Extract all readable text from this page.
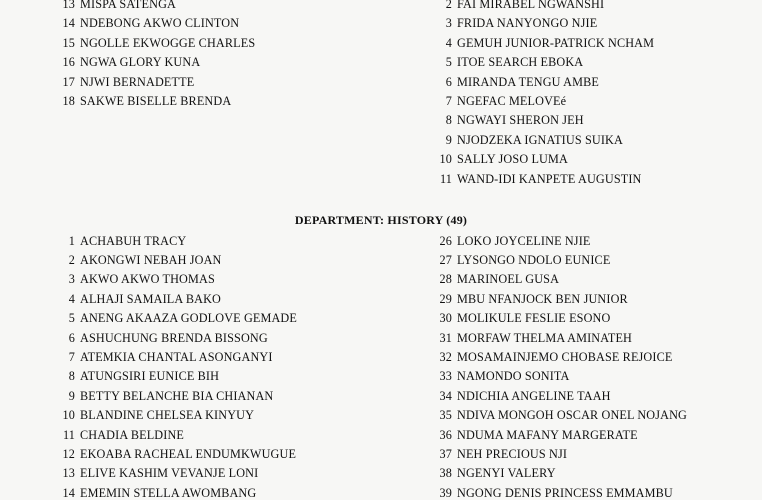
13 MISPA SATENGA
14 NDEBONG AKWO CLINTON
15 NGOLLE EKWOGGE CHARLES
16 NGWA GLORY KUNA
17 NJWI BERNADETTE
18 SAKWE BISELLE BRENDA
2 FAI MIRABEL NGWANSHI
3 FRIDA NANYONGO NJIE
4 GEMUH JUNIOR-PATRICK NCHAM
5 ITOE SEARCH EBOKA
6 MIRANDA TENGU AMBE
7 NGEFAC MELOVEé
8 NGWAYI SHERON JEH
9 NJODZEKA IGNATIUS SUIKA
10 SALLY JOSO LUMA
11 WAND-IDI KANPETE AUGUSTIN
DEPARTMENT: HISTORY (49)
1 ACHABUH TRACY
2 AKONGWI NEBAH JOAN
3 AKWO AKWO THOMAS
4 ALHAJI SAMAILA BAKO
5 ANENG AKAAZA GODLOVE GEMADE
6 ASHUCHUNG BRENDA BISSONG
7 ATEMKIA CHANTAL ASONGANYI
8 ATUNGSIRI EUNICE BIH
9 BETTY BELANCHE BIA CHIANAN
10 BLANDINE CHELSEA KINYUY
11 CHADIA BELDINE
12 EKOABA RACHEAL ENDUMKWUGUE
13 ELIVE KASHIM VEVANJE LONI
14 EMEMIN STELLA AWOMBANG
26 LOKO JOYCELINE NJIE
27 LYSONGO NDOLO EUNICE
28 MARINOEL GUSA
29 MBU NFANJOCK BEN JUNIOR
30 MOLIKULE FESLIE ESONO
31 MORFAW THELMA AMINATEH
32 MOSAMAINJEMO CHOBASE REJOICE
33 NAMONDO SONITA
34 NDICHIA ANGELINE TAAH
35 NDIVA MONGOH OSCAR ONEL NOJANG
36 NDUMA MAFANY MARGERATE
37 NEH PRECIOUS NJI
38 NGENYI VALERY
39 NGONG DENIS PRINCESS EMMAMBU
